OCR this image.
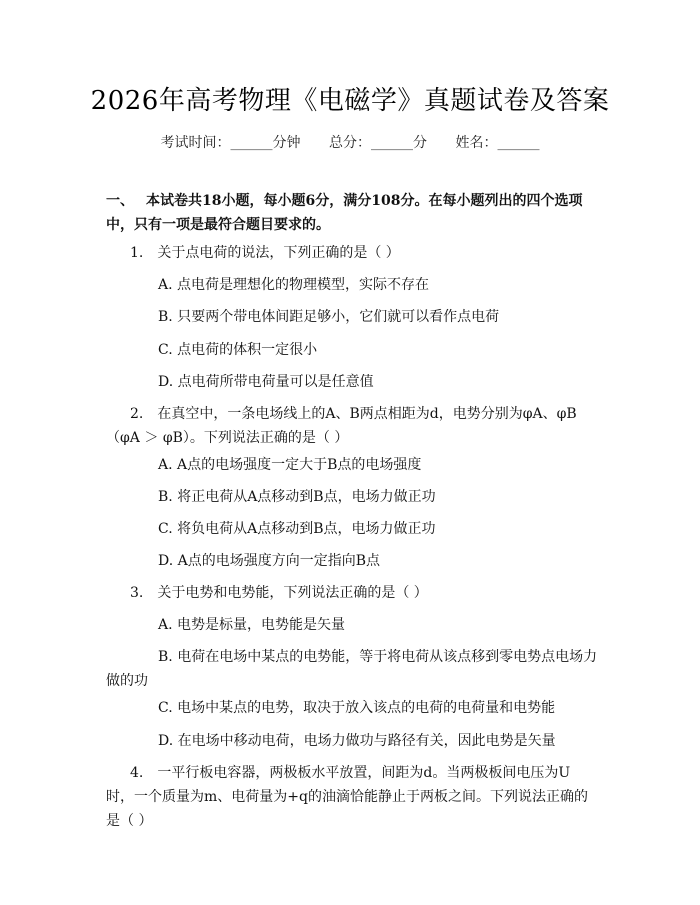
2026年高考物理《电磁学》真题试卷及答案
考试时间：______分钟 总分：______分 姓名：______
一、 本试卷共18小题，每小题6分，满分108分。在每小题列出的四个选项中，只有一项是最符合题目要求的。
1.　关于点电荷的说法，下列正确的是（ ）
A. 点电荷是理想化的物理模型，实际不存在
B. 只要两个带电体间距足够小，它们就可以看作点电荷
C. 点电荷的体积一定很小
D. 点电荷所带电荷量可以是任意值
2.　在真空中，一条电场线上的A、B两点相距为d，电势分别为φA、φB（φA ＞ φB）。下列说法正确的是（ ）
A. A点的电场强度一定大于B点的电场强度
B. 将正电荷从A点移动到B点，电场力做正功
C. 将负电荷从A点移动到B点，电场力做正功
D. A点的电场强度方向一定指向B点
3.　关于电势和电势能，下列说法正确的是（ ）
A. 电势是标量，电势能是矢量
B. 电荷在电场中某点的电势能，等于将电荷从该点移到零电势点电场力做的功
C. 电场中某点的电势，取决于放入该点的电荷的电荷量和电势能
D. 在电场中移动电荷，电场力做功与路径有关，因此电势是矢量
4.　一平行板电容器，两极板水平放置，间距为d。当两极板间电压为U时，一个质量为m、电荷量为+q的油滴恰能静止于两板之间。下列说法正确的是（ ）
